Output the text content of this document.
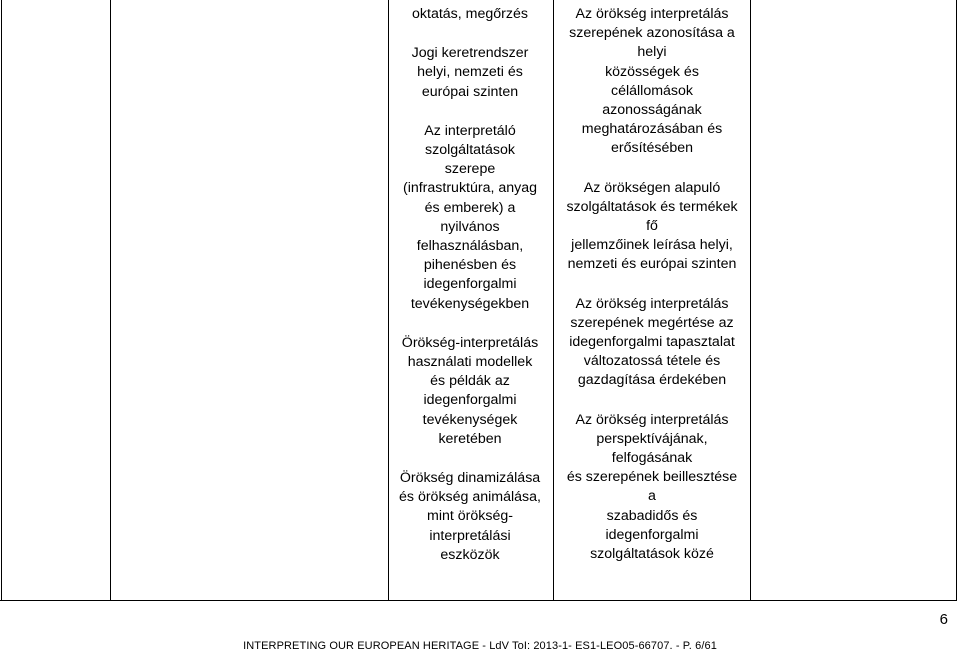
oktatás, megőrzés

Jogi keretrendszer
helyi, nemzeti és
európai szinten

Az interpretáló
szolgáltatások
szerepe
(infrastruktúra, anyag
és emberek) a
nyilvános
felhasználásban,
pihenésben és
idegenforgalmi
tevékenységekben

Örökség-interpretálás
használati modellek
és példák az
idegenforgalmi
tevékenységek
keretében

Örökség dinamizálása
és örökség animálása,
mint örökség-
interpretálási
eszközök

Az örökség interpretálás
szerepének azonosítása a helyi
közösségek és célállomások
azonosságának
meghatározásában és
erősítésében

Az örökségen alapuló
szolgáltatások és termékek fő
jellemzőinek leírása helyi,
nemzeti és európai szinten

Az örökség interpretálás
szerepének megértése az
idegenforgalmi tapasztalat
változatossá tétele és
gazdagítása érdekében

Az örökség interpretálás
perspektívájának, felfogásának
és szerepének beillesztése a
szabadidős és idegenforgalmi
szolgáltatások közé

6

INTERPRETING OUR EUROPEAN HERITAGE - LdV ToI: 2013-1- ES1-LEO05-66707. - P. 6/61
